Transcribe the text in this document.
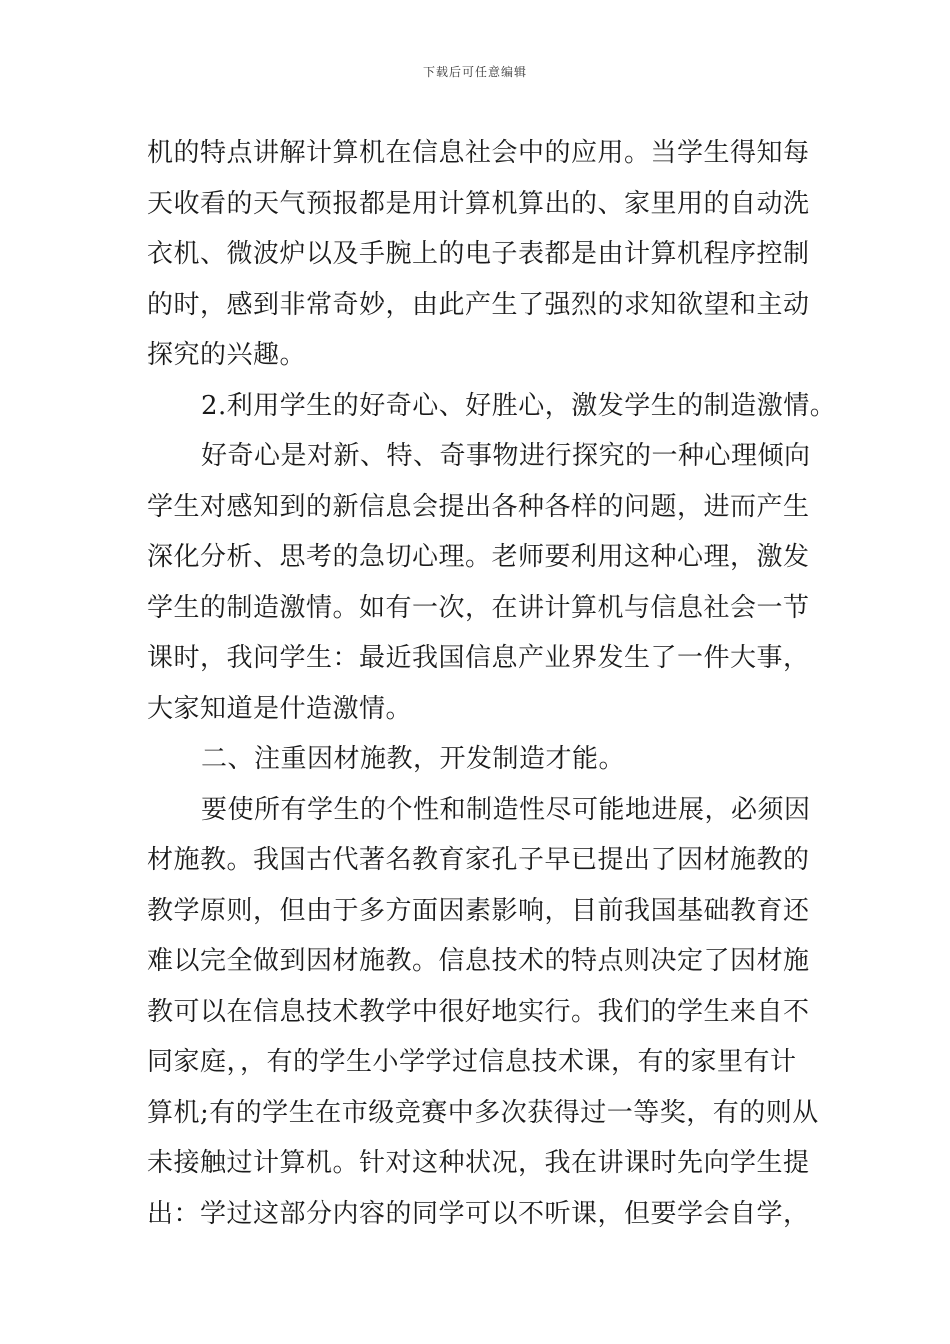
下载后可任意编辑
机的特点讲解计算机在信息社会中的应用。当学生得知每
天收看的天气预报都是用计算机算出的、家里用的自动洗
衣机、微波炉以及手腕上的电子表都是由计算机程序控制
的时，感到非常奇妙，由此产生了强烈的求知欲望和主动
探究的兴趣。
2.利用学生的好奇心、好胜心，激发学生的制造激情。
好奇心是对新、特、奇事物进行探究的一种心理倾向
学生对感知到的新信息会提出各种各样的问题，进而产生
深化分析、思考的急切心理。老师要利用这种心理，激发
学生的制造激情。如有一次，在讲计算机与信息社会一节
课时，我问学生：最近我国信息产业界发生了一件大事，
大家知道是什造激情。
二、注重因材施教，开发制造才能。
要使所有学生的个性和制造性尽可能地进展，必须因
材施教。我国古代著名教育家孔子早已提出了因材施教的
教学原则，但由于多方面因素影响，目前我国基础教育还
难以完全做到因材施教。信息技术的特点则决定了因材施
教可以在信息技术教学中很好地实行。我们的学生来自不
同家庭，，有的学生小学学过信息技术课，有的家里有计
算机;有的学生在市级竞赛中多次获得过一等奖，有的则从
未接触过计算机。针对这种状况，我在讲课时先向学生提
出：学过这部分内容的同学可以不听课，但要学会自学，
